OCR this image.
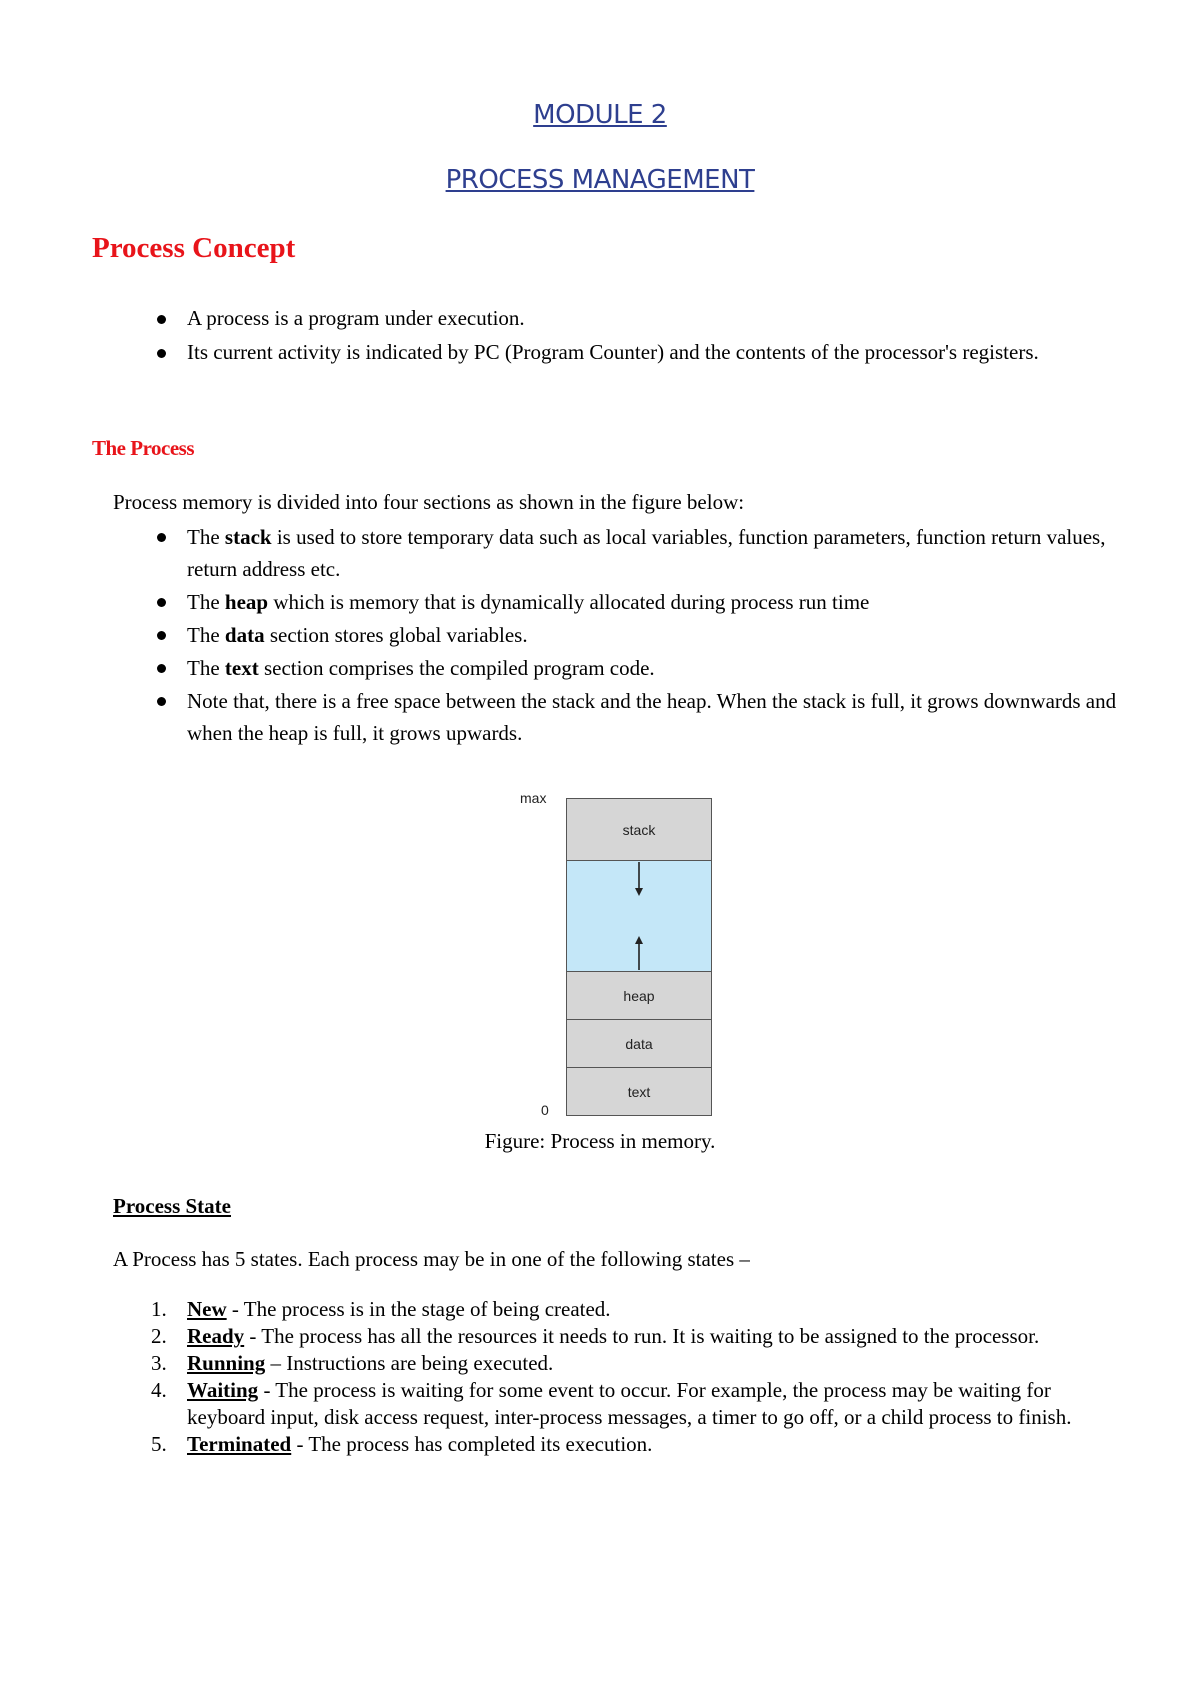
MODULE 2
PROCESS MANAGEMENT
Process Concept
A process is a program under execution.
Its current activity is indicated by PC (Program Counter) and the contents of the processor's registers.
The Process
Process memory is divided into four sections as shown in the figure below:
The stack is used to store temporary data such as local variables, function parameters, function return values, return address etc.
The heap which is memory that is dynamically allocated during process run time
The data section stores global variables.
The text section comprises the compiled program code.
Note that, there is a free space between the stack and the heap. When the stack is full, it grows downwards and when the heap is full, it grows upwards.
max
stack
heap
data
text
0
Figure: Process in memory.
Process State
A Process has 5 states. Each process may be in one of the following states –
1. New - The process is in the stage of being created.
2. Ready - The process has all the resources it needs to run. It is waiting to be assigned to the processor.
3. Running – Instructions are being executed.
4. Waiting - The process is waiting for some event to occur. For example, the process may be waiting for keyboard input, disk access request, inter-process messages, a timer to go off, or a child process to finish.
5. Terminated - The process has completed its execution.
